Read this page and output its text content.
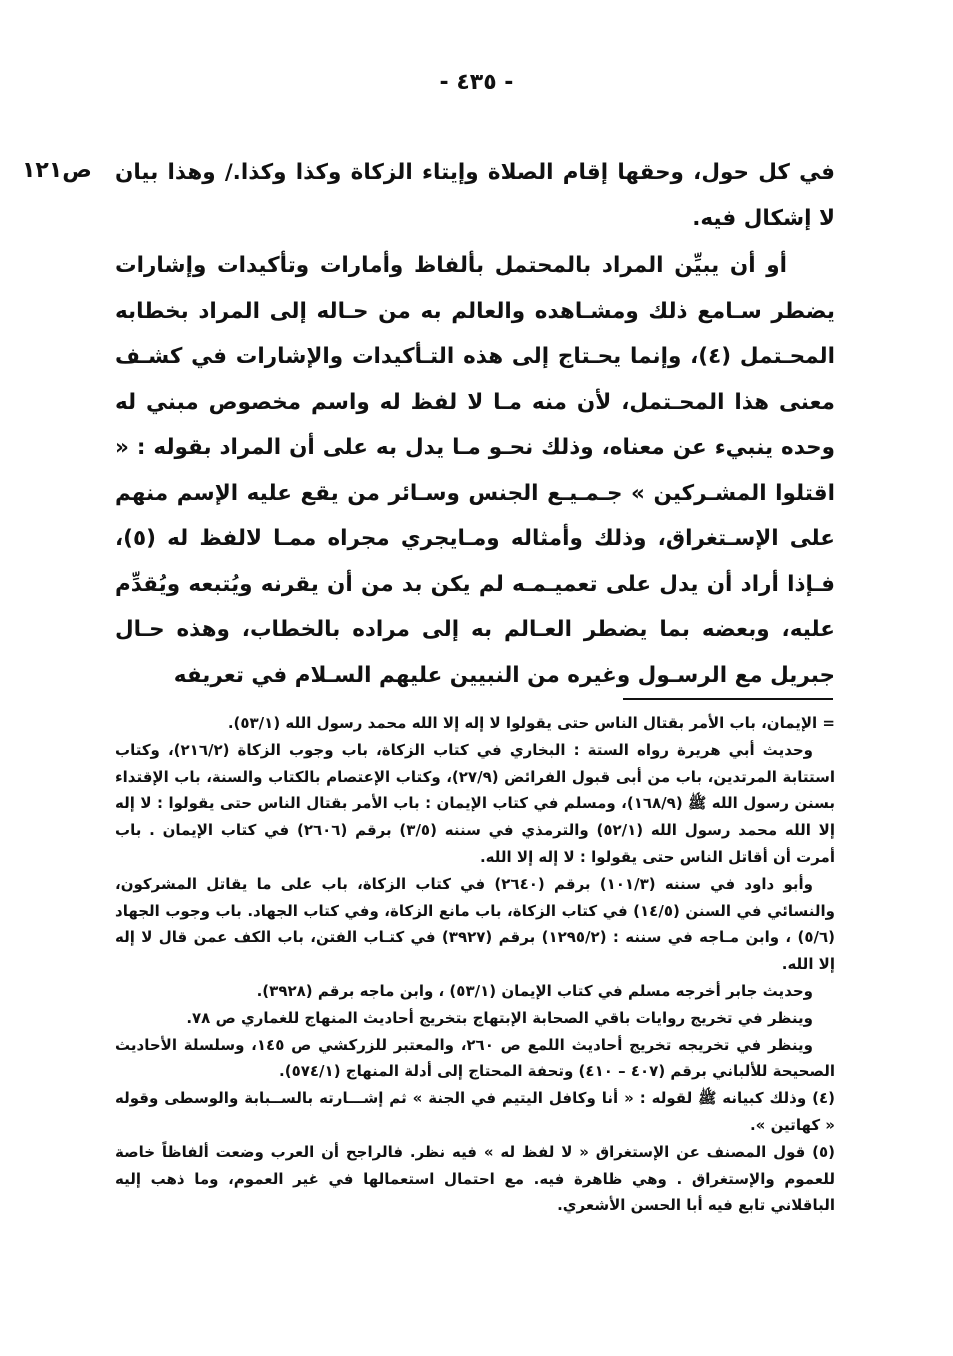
- ٤٣٥ -
ص١٢١	في كل حول، وحقها إقام الصلاة وإيتاء الزكاة وكذا وكذا./ وهذا بيان لا إشكال فيه.

أو أن يبيِّن المراد بالمحتمل بألفاظ وأمارات وتأكيدات وإشارات يضطر سـامع ذلك ومشـاهده والعالم به من حـاله إلى المراد بخطابه المحـتمل (٤)، وإنما يحـتاج إلى هذه التـأكيدات والإشارات في كشـف معنى هذا المحـتمل، لأن منه مـا لا لفظ له واسم مخصوص مبني له وحده ينبيء عن معناه، وذلك نحـو مـا يدل به على أن المراد بقوله : « اقتلوا المشـركين » جـمـيـع الجنس وسـائر من يقع عليه الإسم منهم على الإسـتغراق، وذلك وأمثاله ومـايجري مجراه ممـا لالفظ له (٥)، فـإذا أراد أن يدل على تعميـمـه لم يكن بد من أن يقرنه ويُتبعه ويُقدِّم عليه، وبعضه بما يضطر العـالم به إلى مراده بالخطاب، وهذه حـال جبريل مع الرسـول وغيره من النبيين عليهم السـلام في تعريفه

= الإيمان، باب الأمر بقتال الناس حتى يقولوا لا إله إلا الله محمد رسول الله (٥٣/١).

وحديث أبي هريرة رواه الستة : البخاري في كتاب الزكاة، باب وجوب الزكاة (٢١٦/٢)، وكتاب استتابة المرتدين، باب من أبى قبول الفرائض (٢٧/٩)، وكتاب الإعتصام بالكتاب والسنة، باب الإقتداء بسنن رسول الله ﷺ (١٦٨/٩)، ومسلم في كتاب الإيمان : باب الأمر بقتال الناس حتى يقولوا : لا إله إلا الله محمد رسول الله (٥٢/١) والترمذي في سننه (٣/٥) برقم (٢٦٠٦) في كتاب الإيمان . باب أمرت أن أقاتل الناس حتى يقولوا : لا إله إلا الله.

وأبو داود في سننه (١٠١/٣) برقم (٢٦٤٠) في كتاب الزكاة، باب على ما يقاتل المشركون، والنسائي في السنن (١٤/٥) في كتاب الزكاة، باب مانع الزكاة، وفي كتاب الجهاد. باب وجوب الجهاد (٥/٦) ، وابن مـاجه في سننه : (١٢٩٥/٢) برقم (٣٩٢٧) في كتـاب الفتن، باب الكف عمن قال لا إله إلا الله.

وحديث جابر أخرجه مسلم في كتاب الإيمان (٥٣/١) ، وابن ماجه برقم (٣٩٢٨).

وينظر في تخريج روايات باقي الصحابة الإبتهاج بتخريج أحاديث المنهاج للغماري ص ٧٨.

وينظر في تخريجه تخريج أحاديث اللمع ص ٢٦٠، والمعتبر للزركشي ص ١٤٥، وسلسلة الأحاديث الصحيحة للألباني برقم (٤٠٧ – ٤١٠) وتحفة المحتاج إلى أدلة المنهاج (٥٧٤/١).

(٤) وذلك كبيانه ﷺ لقوله : « أنا وكافل اليتيم في الجنة » ثم إشـــارته بالســبابة والوسطى وقوله « كهاتين ».

(٥) قول المصنف عن الإستغراق « لا لفظ له » فيه نظر. فالراجح أن العرب وضعت ألفاظاً خاصة للعموم والإستغراق . وهي ظاهرة فيه. مع احتمال استعمالها في غير العموم، وما ذهب إليه الباقلاني تابع فيه أبا الحسن الأشعري.
